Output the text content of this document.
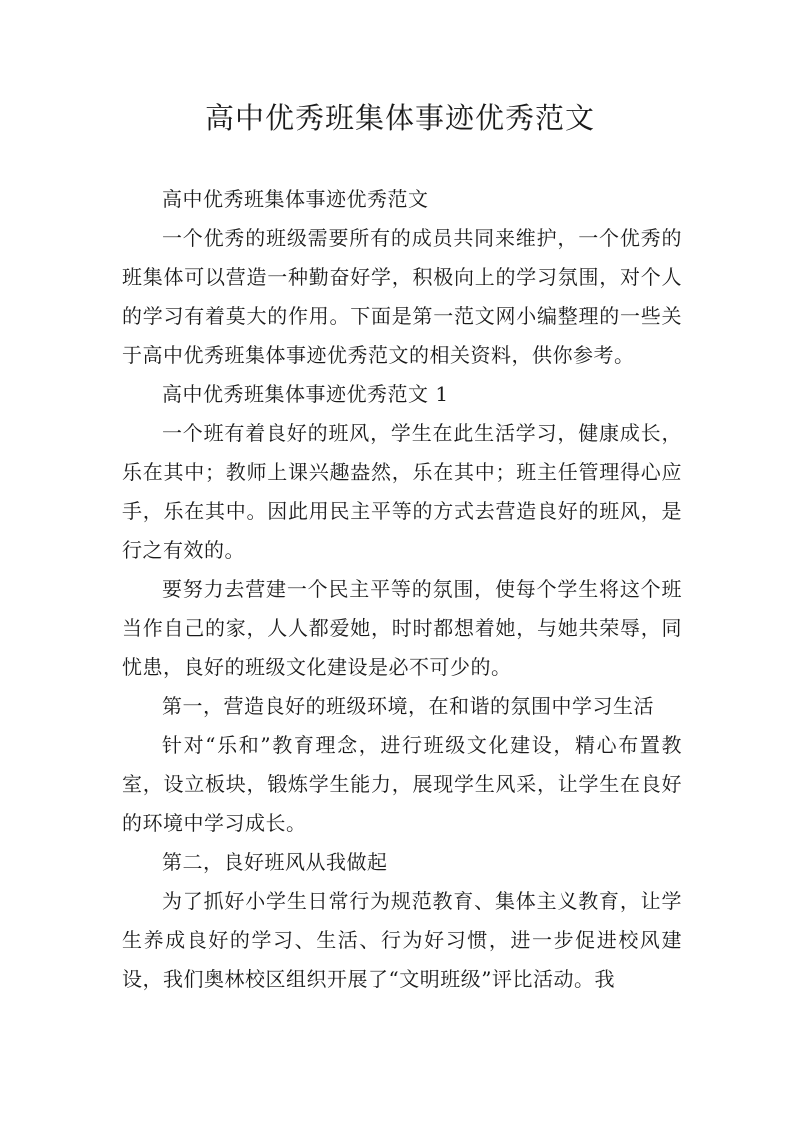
高中优秀班集体事迹优秀范文

高中优秀班集体事迹优秀范文

一个优秀的班级需要所有的成员共同来维护，一个优秀的班集体可以营造一种勤奋好学，积极向上的学习氛围，对个人的学习有着莫大的作用。下面是第一范文网小编整理的一些关于高中优秀班集体事迹优秀范文的相关资料，供你参考。

高中优秀班集体事迹优秀范文 1

一个班有着良好的班风，学生在此生活学习，健康成长，乐在其中；教师上课兴趣盎然，乐在其中；班主任管理得心应手，乐在其中。因此用民主平等的方式去营造良好的班风，是行之有效的。

要努力去营建一个民主平等的氛围，使每个学生将这个班当作自己的家，人人都爱她，时时都想着她，与她共荣辱，同忧患，良好的班级文化建设是必不可少的。

第一，营造良好的班级环境，在和谐的氛围中学习生活

针对“乐和”教育理念，进行班级文化建设，精心布置教室，设立板块，锻炼学生能力，展现学生风采，让学生在良好的环境中学习成长。

第二，良好班风从我做起

为了抓好小学生日常行为规范教育、集体主义教育，让学生养成良好的学习、生活、行为好习惯，进一步促进校风建设，我们奥林校区组织开展了“文明班级”评比活动。我
